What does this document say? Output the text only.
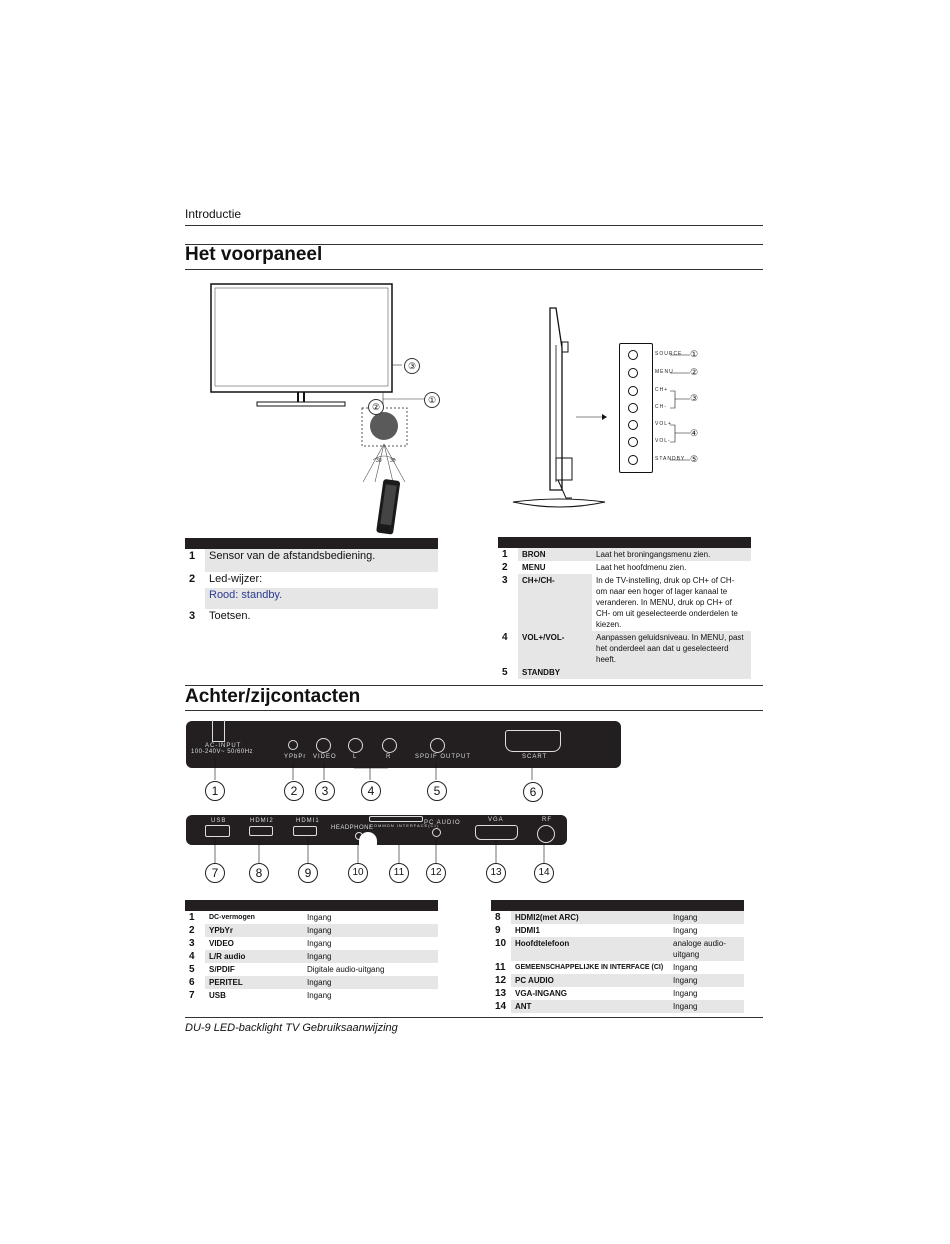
Introductie
Het voorpaneel
③
①
②
30 30
SOURCE ①
MENU ②
CH+
CH-
③
VOL+
VOL-
④
STANDBY ⑤

1	Sensor van de afstandsbediening.
2	Led-wijzer:
	Rood: standby.
3	Toetsen.

1	BRON	Laat het broningangsmenu zien.
2	MENU	Laat het hoofdmenu zien.
3	CH+/CH-	In de TV-instelling, druk op CH+ of CH- om naar een hoger of lager kanaal te veranderen. In MENU, druk op CH+ of CH- om uit geselecteerde onderdelen te kiezen.
4	VOL+/VOL-	Aanpassen geluidsniveau. In MENU, past het onderdeel aan dat u geselecteerd heeft.
5	STANDBY	
Achter/zijcontacten
AC-INPUT
100-240V~ 50/60Hz
YPbPr VIDEO	L	R	SPDIF OUTPUT	SCART
1	2	3	4	5	6
USB	HDMI2	HDMI1
HEADPHONE
COMMON INTERFACE(CI)
PC AUDIO	VGA	RF
7	8	9	10	11	12	13	14

1	DC-vermogen	Ingang
2	YPbYr	Ingang
3	VIDEO	Ingang
4	L/R audio	Ingang
5	S/PDIF	Digitale audio-uitgang
6	PERITEL	Ingang
7	USB	Ingang

8	HDMI2(met ARC)	Ingang
9	HDMI1	Ingang
10	Hoofdtelefoon	analoge audio-uitgang
11	GEMEENSCHAPPELIJKE IN INTERFACE (CI)	Ingang
12	PC AUDIO	Ingang
13	VGA-INGANG	Ingang
14	ANT	Ingang
DU-9 LED-backlight TV Gebruiksaanwijzing
